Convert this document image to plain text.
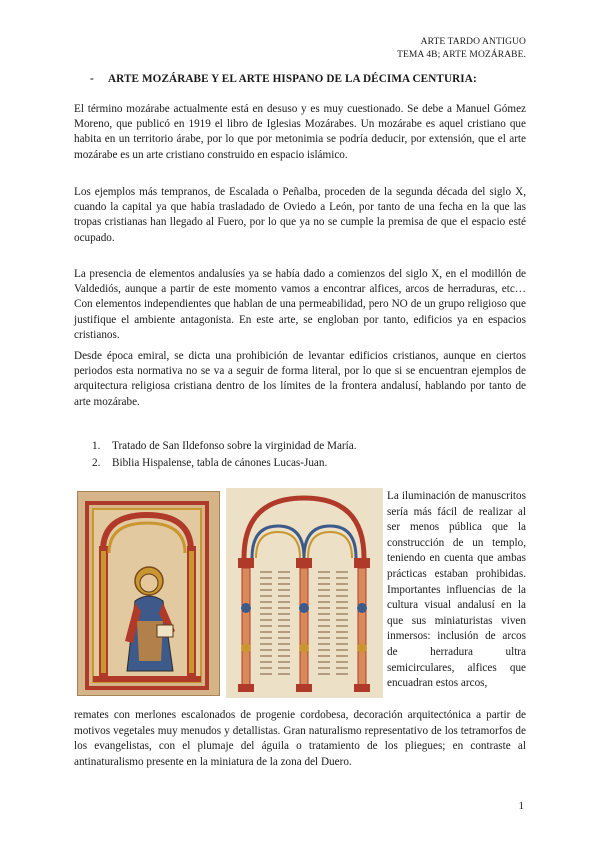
ARTE TARDO ANTIGUO
TEMA 4B; ARTE MOZÁRABE.
- ARTE MOZÁRABE Y EL ARTE HISPANO DE LA DÉCIMA CENTURIA:

El término mozárabe actualmente está en desuso y es muy cuestionado. Se debe a Manuel Gómez Moreno, que publicó en 1919 el libro de Iglesias Mozárabes. Un mozárabe es aquel cristiano que habita en un territorio árabe, por lo que por metonimia se podría deducir, por extensión, que el arte mozárabe es un arte cristiano construido en espacio islámico.

Los ejemplos más tempranos, de Escalada o Peñalba, proceden de la segunda década del siglo X, cuando la capital ya que había trasladado de Oviedo a León, por tanto de una fecha en la que las tropas cristianas han llegado al Fuero, por lo que ya no se cumple la premisa de que el espacio esté ocupado.

La presencia de elementos andalusíes ya se había dado a comienzos del siglo X, en el modillón de Valdediós, aunque a partir de este momento vamos a encontrar alfices, arcos de herraduras, etc… Con elementos independientes que hablan de una permeabilidad, pero NO de un grupo religioso que justifique el ambiente antagonista. En este arte, se engloban por tanto, edificios ya en espacios cristianos.

Desde época emiral, se dicta una prohibición de levantar edificios cristianos, aunque en ciertos periodos esta normativa no se va a seguir de forma literal, por lo que si se encuentran ejemplos de arquitectura religiosa cristiana dentro de los límites de la frontera andalusí, hablando por tanto de arte mozárabe.

1. Tratado de San Ildefonso sobre la virginidad de María.
2. Biblia Hispalense, tabla de cánones Lucas-Juan.

La iluminación de manuscritos sería más fácil de realizar al ser menos pública que la construcción de un templo, teniendo en cuenta que ambas prácticas estaban prohibidas. Importantes influencias de la cultura visual andalusí en la que sus miniaturistas viven inmersos: inclusión de arcos de herradura ultra semicirculares, alfices que encuadran estos arcos,

remates con merlones escalonados de progenie cordobesa, decoración arquitectónica a partir de motivos vegetales muy menudos y detallistas. Gran naturalismo representativo de los tetramorfos de los evangelistas, con el plumaje del águila o tratamiento de los pliegues; en contraste al antinaturalismo presente en la miniatura de la zona del Duero.

1
